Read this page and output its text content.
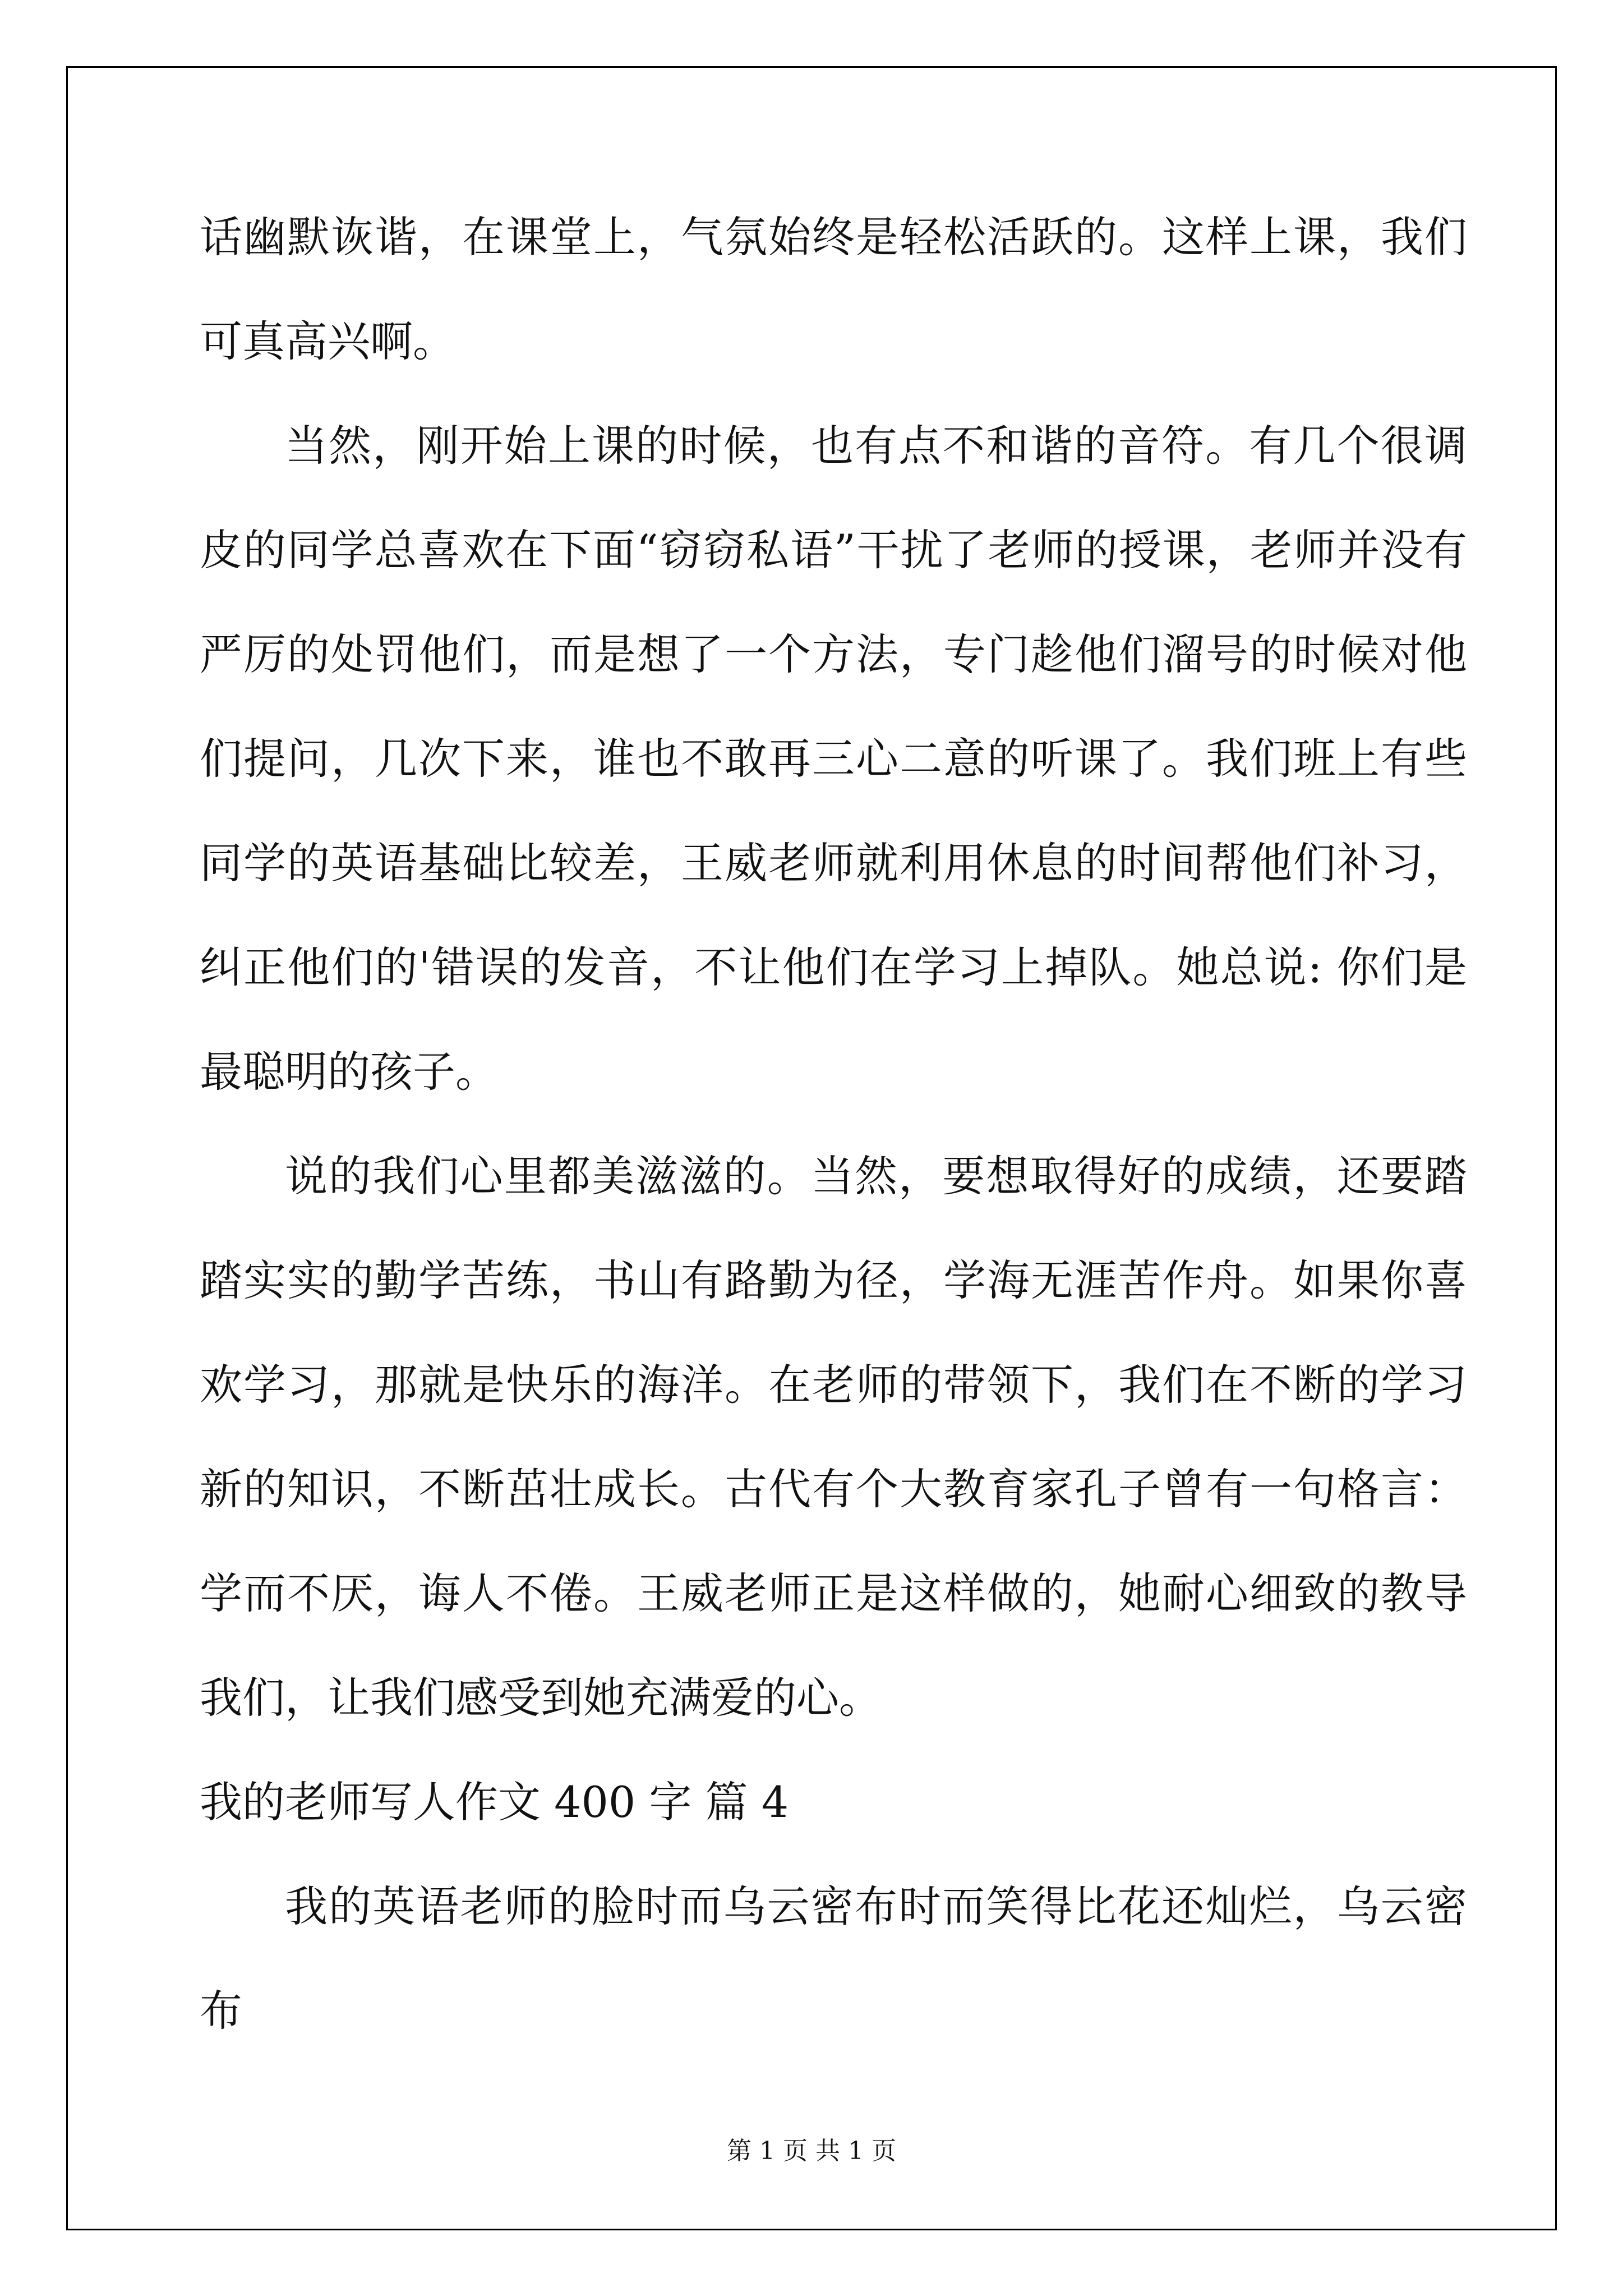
话幽默诙谐，在课堂上，气氛始终是轻松活跃的。这样上课，我们可真高兴啊。

当然，刚开始上课的时候，也有点不和谐的音符。有几个很调皮的同学总喜欢在下面“窃窃私语”干扰了老师的授课，老师并没有严厉的处罚他们，而是想了一个方法，专门趁他们溜号的时候对他们提问，几次下来，谁也不敢再三心二意的听课了。我们班上有些同学的英语基础比较差，王威老师就利用休息的时间帮他们补习，纠正他们的'错误的发音，不让他们在学习上掉队。她总说: 你们是最聪明的孩子。

说的我们心里都美滋滋的。当然，要想取得好的成绩，还要踏踏实实的勤学苦练，书山有路勤为径，学海无涯苦作舟。如果你喜欢学习，那就是快乐的海洋。在老师的带领下，我们在不断的学习新的知识，不断茁壮成长。古代有个大教育家孔子曾有一句格言：学而不厌，诲人不倦。王威老师正是这样做的，她耐心细致的教导我们，让我们感受到她充满爱的心。

我的老师写人作文 400 字 篇 4

我的英语老师的脸时而乌云密布时而笑得比花还灿烂，乌云密布

第 1 页 共 1 页
